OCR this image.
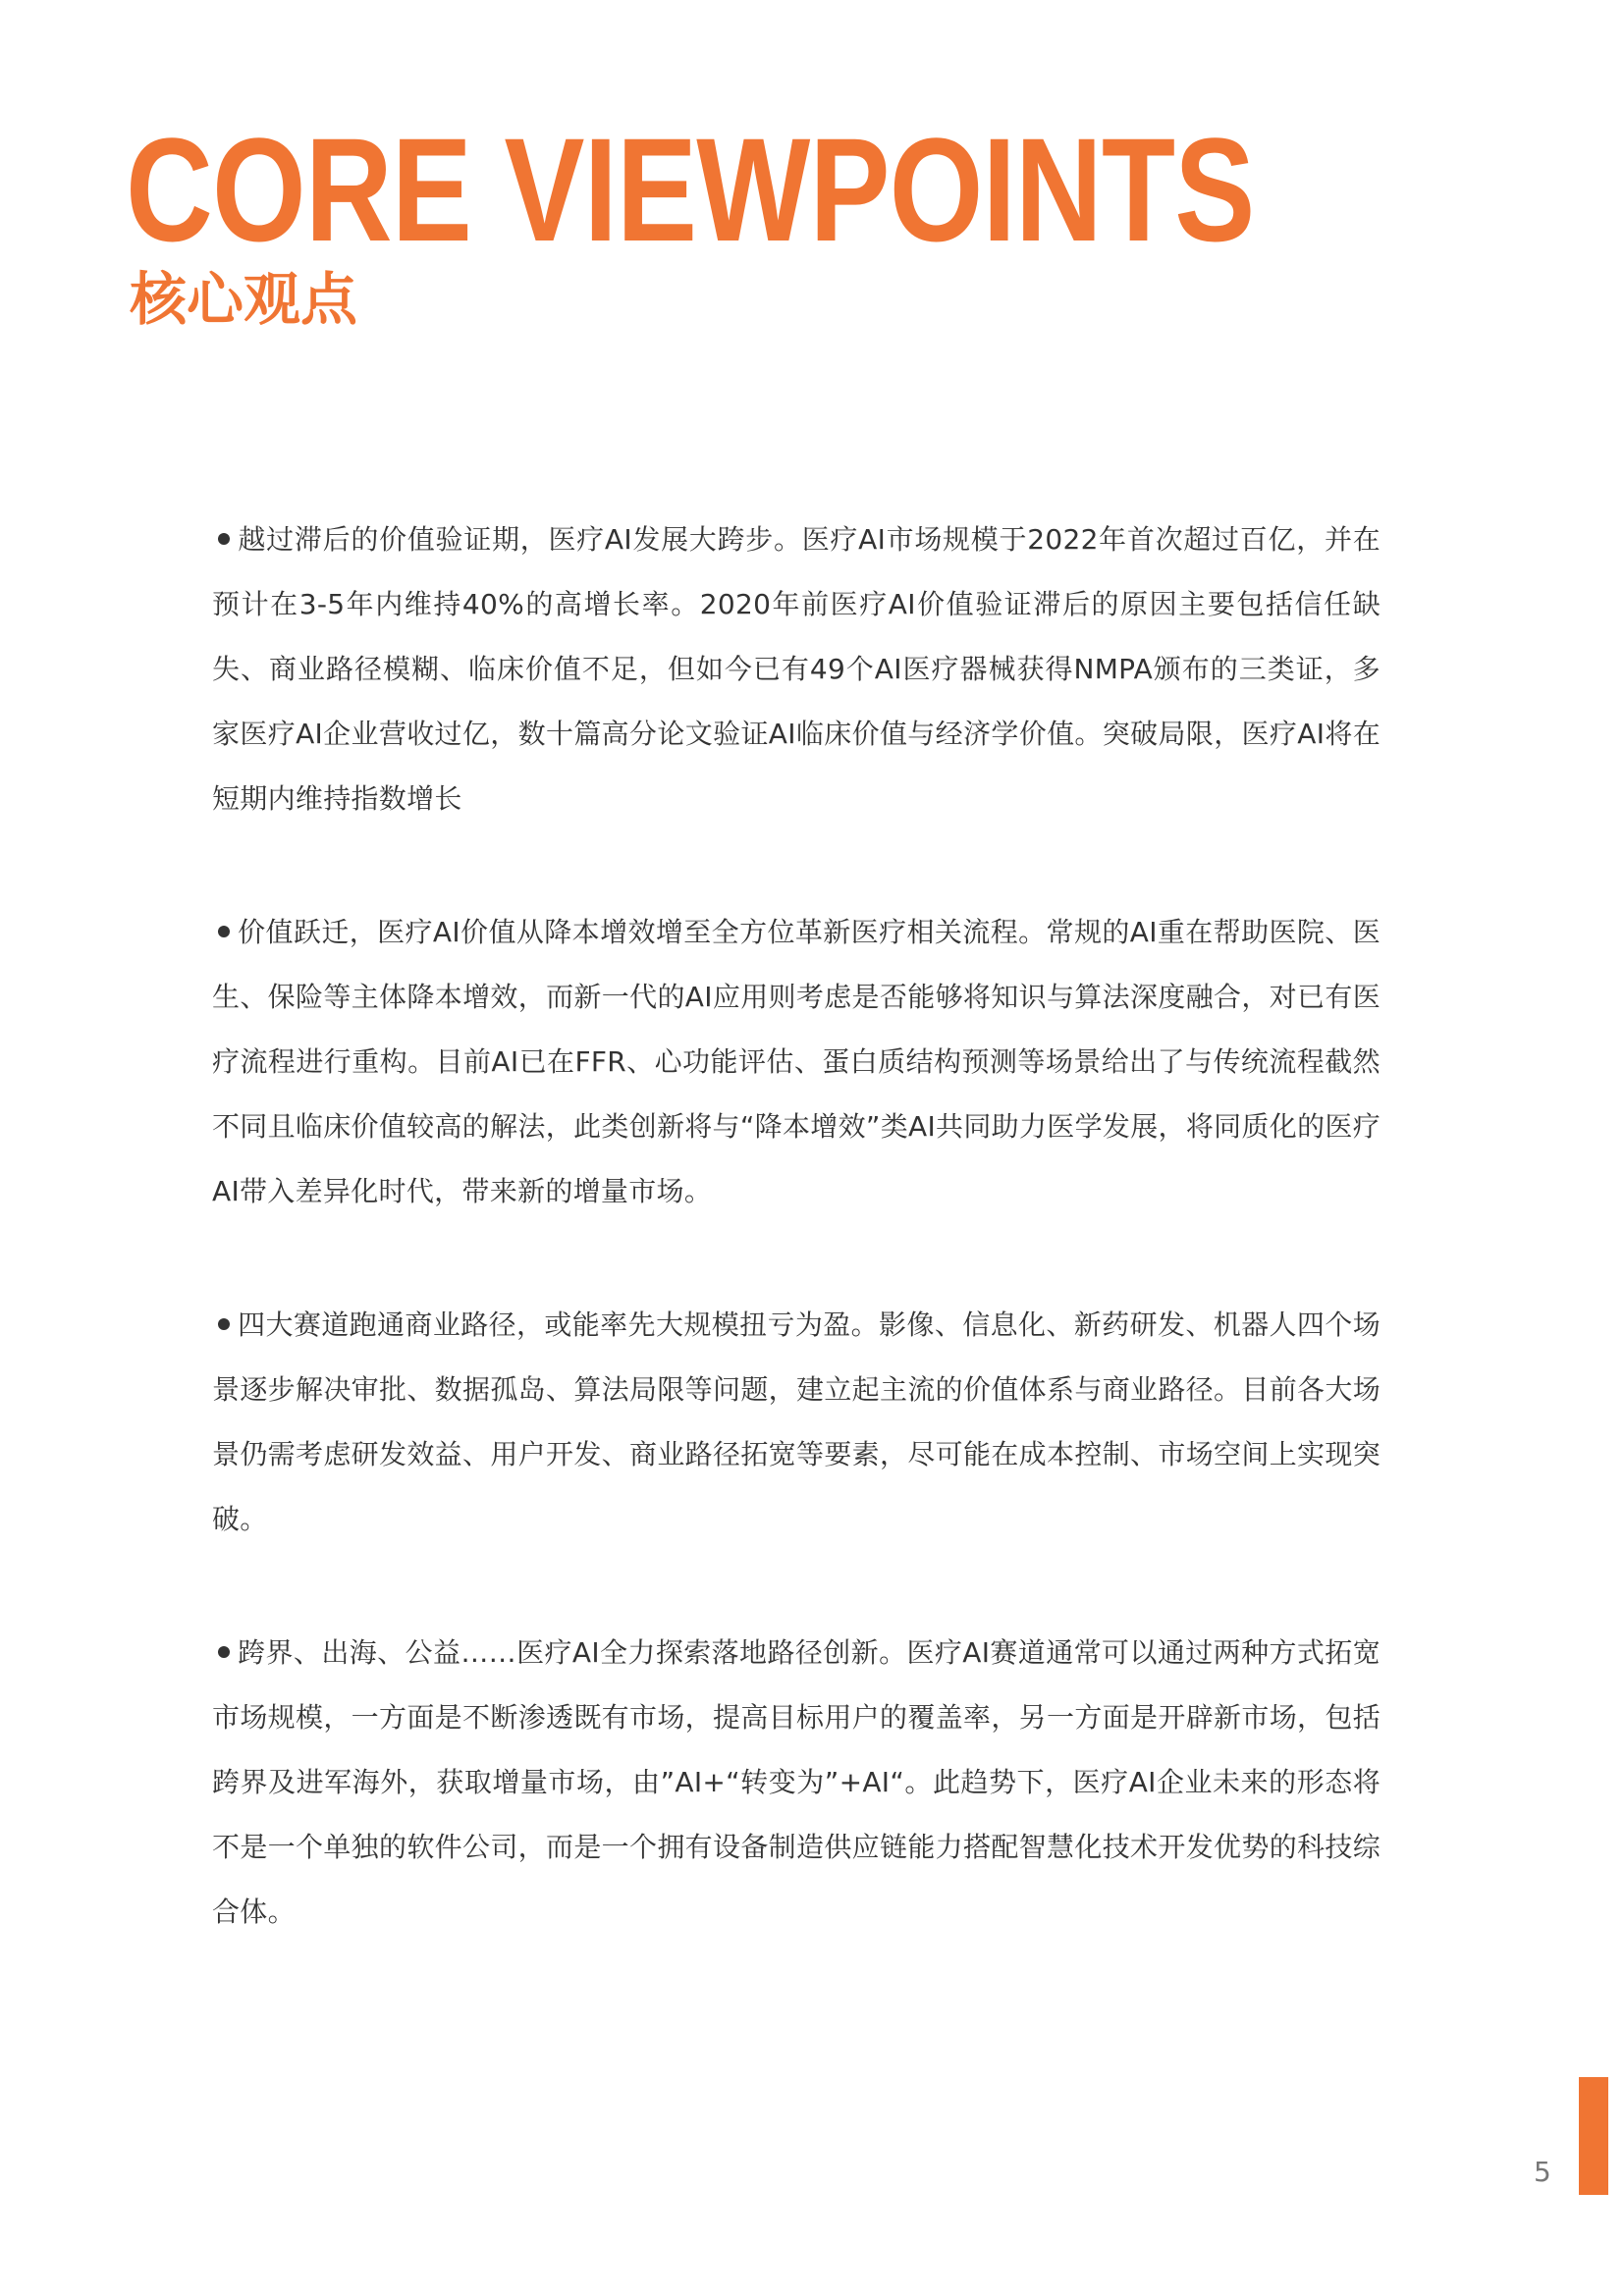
CORE VIEWPOINTS
核心观点

越过滞后的价值验证期，医疗AI发展大跨步。医疗AI市场规模于2022年首次超过百亿，并在预计在3-5年内维持40%的高增长率。2020年前医疗AI价值验证滞后的原因主要包括信任缺失、商业路径模糊、临床价值不足，但如今已有49个AI医疗器械获得NMPA颁布的三类证，多家医疗AI企业营收过亿，数十篇高分论文验证AI临床价值与经济学价值。突破局限，医疗AI将在短期内维持指数增长

价值跃迁，医疗AI价值从降本增效增至全方位革新医疗相关流程。常规的AI重在帮助医院、医生、保险等主体降本增效，而新一代的AI应用则考虑是否能够将知识与算法深度融合，对已有医疗流程进行重构。目前AI已在FFR、心功能评估、蛋白质结构预测等场景给出了与传统流程截然不同且临床价值较高的解法，此类创新将与“降本增效”类AI共同助力医学发展，将同质化的医疗AI带入差异化时代，带来新的增量市场。

四大赛道跑通商业路径，或能率先大规模扭亏为盈。影像、信息化、新药研发、机器人四个场景逐步解决审批、数据孤岛、算法局限等问题，建立起主流的价值体系与商业路径。目前各大场景仍需考虑研发效益、用户开发、商业路径拓宽等要素，尽可能在成本控制、市场空间上实现突破。

跨界、出海、公益……医疗AI全力探索落地路径创新。医疗AI赛道通常可以通过两种方式拓宽市场规模，一方面是不断渗透既有市场，提高目标用户的覆盖率，另一方面是开辟新市场，包括跨界及进军海外，获取增量市场，由”AI+“转变为”+AI“。此趋势下，医疗AI企业未来的形态将不是一个单独的软件公司，而是一个拥有设备制造供应链能力搭配智慧化技术开发优势的科技综合体。

5
